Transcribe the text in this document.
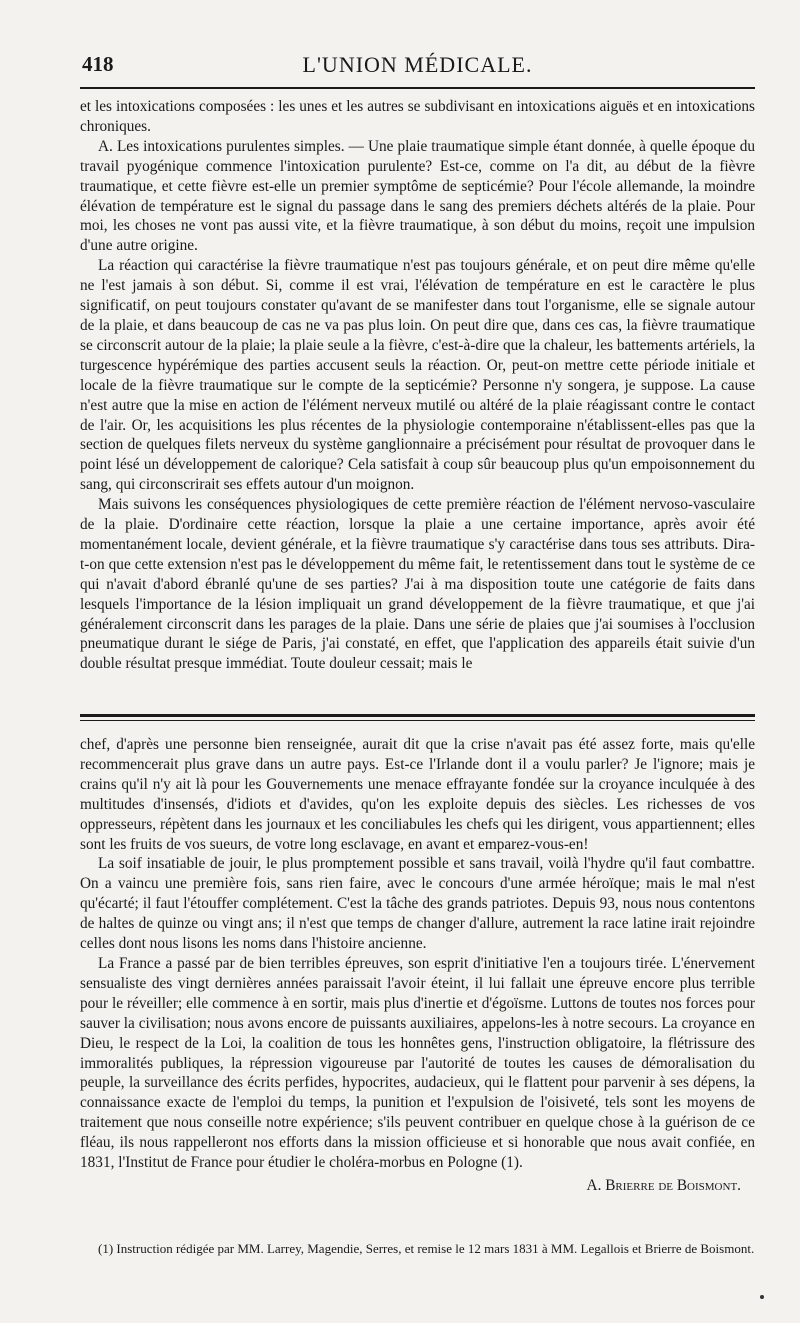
418	L'UNION MÉDICALE.

et les intoxications composées : les unes et les autres se subdivisant en intoxications aiguës et en intoxications chroniques.

A. Les intoxications purulentes simples. — Une plaie traumatique simple étant donnée, à quelle époque du travail pyogénique commence l'intoxication purulente? Est-ce, comme on l'a dit, au début de la fièvre traumatique, et cette fièvre est-elle un premier symptôme de septicémie? Pour l'école allemande, la moindre élévation de température est le signal du passage dans le sang des premiers déchets altérés de la plaie. Pour moi, les choses ne vont pas aussi vite, et la fièvre traumatique, à son début du moins, reçoit une impulsion d'une autre origine.

La réaction qui caractérise la fièvre traumatique n'est pas toujours générale, et on peut dire même qu'elle ne l'est jamais à son début. Si, comme il est vrai, l'élévation de température en est le caractère le plus significatif, on peut toujours constater qu'avant de se manifester dans tout l'organisme, elle se signale autour de la plaie, et dans beaucoup de cas ne va pas plus loin. On peut dire que, dans ces cas, la fièvre traumatique se circonscrit autour de la plaie; la plaie seule a la fièvre, c'est-à-dire que la chaleur, les battements artériels, la turgescence hypérémique des parties accusent seuls la réaction. Or, peut-on mettre cette période initiale et locale de la fièvre traumatique sur le compte de la septicémie? Personne n'y songera, je suppose. La cause n'est autre que la mise en action de l'élément nerveux mutilé ou altéré de la plaie réagissant contre le contact de l'air. Or, les acquisitions les plus récentes de la physiologie contemporaine n'établissent-elles pas que la section de quelques filets nerveux du système ganglionnaire a précisément pour résultat de provoquer dans le point lésé un développement de calorique? Cela satisfait à coup sûr beaucoup plus qu'un empoisonnement du sang, qui circonscrirait ses effets autour d'un moignon.

Mais suivons les conséquences physiologiques de cette première réaction de l'élément nervoso-vasculaire de la plaie. D'ordinaire cette réaction, lorsque la plaie a une certaine importance, après avoir été momentanément locale, devient générale, et la fièvre traumatique s'y caractérise dans tous ses attributs. Dira-t-on que cette extension n'est pas le développement du même fait, le retentissement dans tout le système de ce qui n'avait d'abord ébranlé qu'une de ses parties? J'ai à ma disposition toute une catégorie de faits dans lesquels l'importance de la lésion impliquait un grand développement de la fièvre traumatique, et que j'ai généralement circonscrit dans les parages de la plaie. Dans une série de plaies que j'ai soumises à l'occlusion pneumatique durant le siége de Paris, j'ai constaté, en effet, que l'application des appareils était suivie d'un double résultat presque immédiat. Toute douleur cessait; mais le

chef, d'après une personne bien renseignée, aurait dit que la crise n'avait pas été assez forte, mais qu'elle recommencerait plus grave dans un autre pays. Est-ce l'Irlande dont il a voulu parler? Je l'ignore; mais je crains qu'il n'y ait là pour les Gouvernements une menace effrayante fondée sur la croyance inculquée à des multitudes d'insensés, d'idiots et d'avides, qu'on les exploite depuis des siècles. Les richesses de vos oppresseurs, répètent dans les journaux et les conciliabules les chefs qui les dirigent, vous appartiennent; elles sont les fruits de vos sueurs, de votre long esclavage, en avant et emparez-vous-en!

La soif insatiable de jouir, le plus promptement possible et sans travail, voilà l'hydre qu'il faut combattre. On a vaincu une première fois, sans rien faire, avec le concours d'une armée héroïque; mais le mal n'est qu'écarté; il faut l'étouffer complétement. C'est la tâche des grands patriotes. Depuis 93, nous nous contentons de haltes de quinze ou vingt ans; il n'est que temps de changer d'allure, autrement la race latine irait rejoindre celles dont nous lisons les noms dans l'histoire ancienne.

La France a passé par de bien terribles épreuves, son esprit d'initiative l'en a toujours tirée. L'énervement sensualiste des vingt dernières années paraissait l'avoir éteint, il lui fallait une épreuve encore plus terrible pour le réveiller; elle commence à en sortir, mais plus d'inertie et d'égoïsme. Luttons de toutes nos forces pour sauver la civilisation; nous avons encore de puissants auxiliaires, appelons-les à notre secours. La croyance en Dieu, le respect de la Loi, la coalition de tous les honnêtes gens, l'instruction obligatoire, la flétrissure des immoralités publiques, la répression vigoureuse par l'autorité de toutes les causes de démoralisation du peuple, la surveillance des écrits perfides, hypocrites, audacieux, qui le flattent pour parvenir à ses dépens, la connaissance exacte de l'emploi du temps, la punition et l'expulsion de l'oisiveté, tels sont les moyens de traitement que nous conseille notre expérience; s'ils peuvent contribuer en quelque chose à la guérison de ce fléau, ils nous rappelleront nos efforts dans la mission officieuse et si honorable que nous avait confiée, en 1831, l'Institut de France pour étudier le choléra-morbus en Pologne (1).

A. Brierre de Boismont.

(1) Instruction rédigée par MM. Larrey, Magendie, Serres, et remise le 12 mars 1831 à MM. Legallois et Brierre de Boismont.
